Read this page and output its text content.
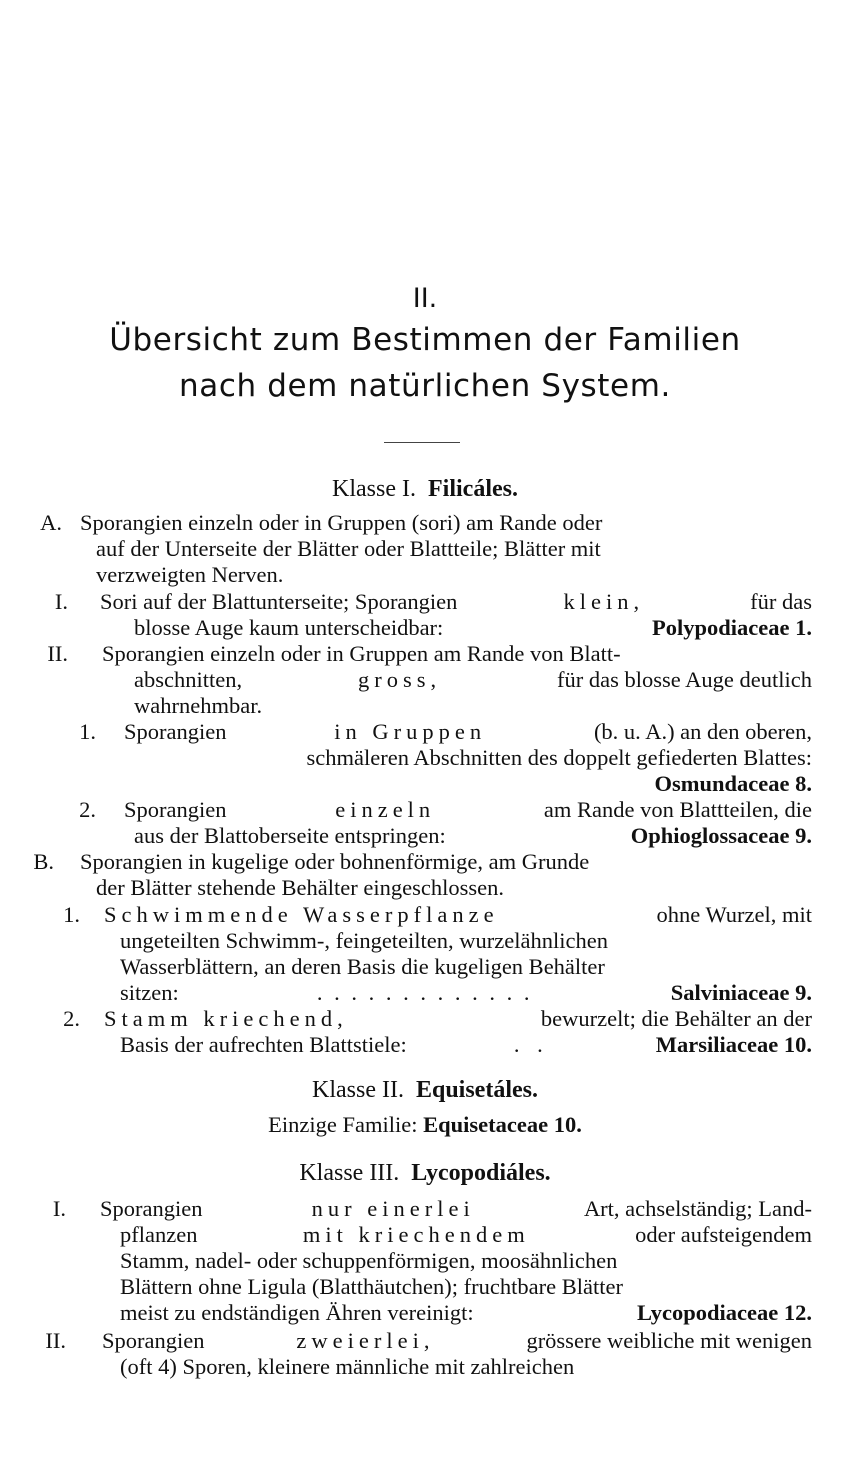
II.
Übersicht zum Bestimmen der Familien
nach dem natürlichen System.
Klasse I. Filicáles.
A. Sporangien einzeln oder in Gruppen (sori) am Rande oder
auf der Unterseite der Blätter oder Blattteile; Blätter mit
verzweigten Nerven.
I. Sori auf der Blattunterseite; Sporangien	klein,	für das
blosse Auge kaum unterscheidbar:	Polypodiaceae 1.
II. Sporangien einzeln oder in Gruppen am Rande von Blatt-
abschnitten,	gross,	für das blosse Auge deutlich
wahrnehmbar.
1. Sporangien	in Gruppen	(b. u. A.) an den oberen,
schmäleren Abschnitten des doppelt gefiederten Blattes:
Osmundaceae 8.
2. Sporangien	einzeln	am Rande von Blattteilen, die
aus der Blattoberseite entspringen:	Ophioglossaceae 9.
B. Sporangien in kugelige oder bohnenförmige, am Grunde
der Blätter stehende Behälter eingeschlossen.
1. Schwimmende Wasserpflanze	ohne Wurzel, mit
ungeteilten Schwimm-, feingeteilten, wurzelähnlichen
Wasserblättern, an deren Basis die kugeligen Behälter
sitzen:	. . . . . . . . . . . . .	Salviniaceae 9.
2. Stamm kriechend,	bewurzelt; die Behälter an der
Basis der aufrechten Blattstiele:	. .	Marsiliaceae 10.
Klasse II. Equisetáles.
Einzige Familie: Equisetaceae 10.
Klasse III. Lycopodiáles.
I. Sporangien	nur einerlei	Art, achselständig; Land-
pflanzen	mit kriechendem	oder aufsteigendem
Stamm, nadel- oder schuppenförmigen, moosähnlichen
Blättern ohne Ligula (Blatthäutchen); fruchtbare Blätter
meist zu endständigen Ähren vereinigt:	Lycopodiaceae 12.
II. Sporangien	zweierlei,	grössere weibliche mit wenigen
(oft 4) Sporen, kleinere männliche mit zahlreichen
